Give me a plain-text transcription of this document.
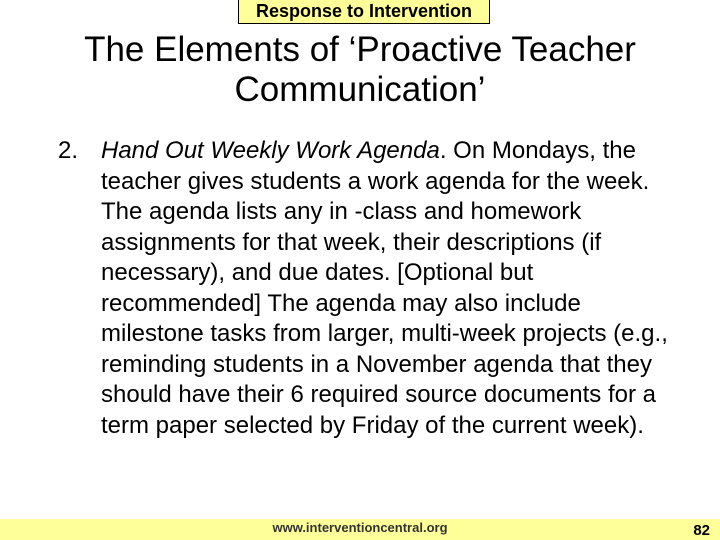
Response to Intervention
The Elements of ‘Proactive Teacher
Communication’
2. Hand Out Weekly Work Agenda. On Mondays, the teacher gives students a work agenda for the week. The agenda lists any in -class and homework assignments for that week, their descriptions (if necessary), and due dates. [Optional but recommended] The agenda may also include milestone tasks from larger, multi-week projects (e.g., reminding students in a November agenda that they should have their 6 required source documents for a term paper selected by Friday of the current week).
www.interventioncentral.org	82
